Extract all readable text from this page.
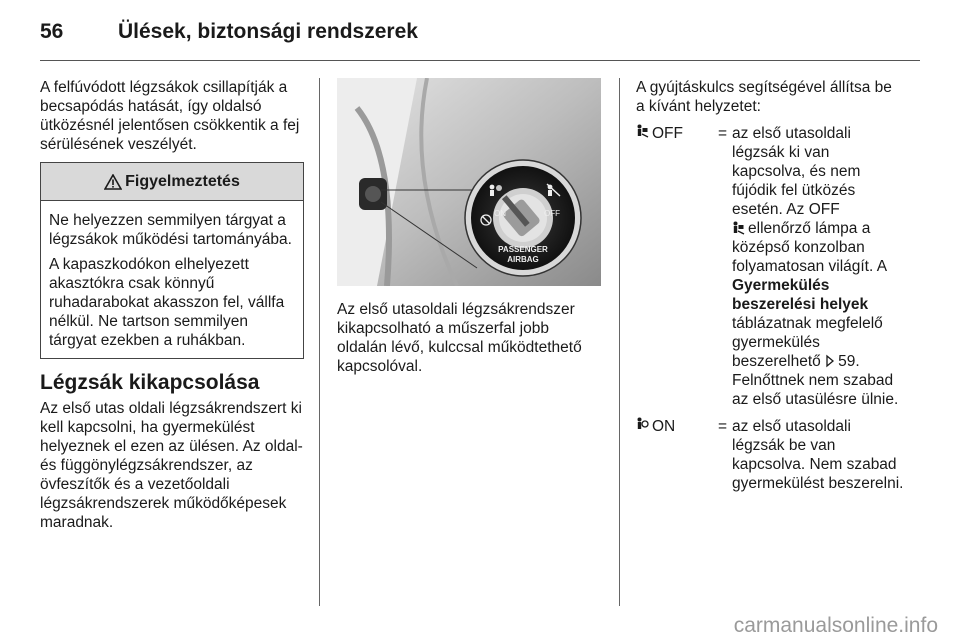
56	Ülések, biztonsági rendszerek

A felfúvódott légzsákok csillapítják a becsapódás hatását, így oldalsó ütközésnél jelentősen csökkentik a fej sérülésének veszélyét.

Figyelmeztetés

Ne helyezzen semmilyen tárgyat a légzsákok működési tartományába.

A kapaszkodókon elhelyezett akasztókra csak könnyű ruhadarabokat akasszon fel, vállfa nélkül. Ne tartson semmilyen tárgyat ezekben a ruhákban.

Légzsák kikapcsolása

Az első utas oldali légzsákrendszert ki kell kapcsolni, ha gyermekülést helyeznek el ezen az ülésen. Az oldal- és függönylégzsákrendszer, az övfeszítők és a vezetőoldali légzsákrendszerek működőképesek maradnak.

ON	OFF
PASSENGER
AIRBAG

Az első utasoldali légzsákrendszer kikapcsolható a műszerfal jobb oldalán lévő, kulccsal működtethető kapcsolóval.

A gyújtáskulcs segítségével állítsa be a kívánt helyzetet:

OFF = az első utasoldali légzsák ki van kapcsolva, és nem fújódik fel ütközés esetén. Az OFF
ellenőrző lámpa a középső konzolban folyamatosan világít. A Gyermekülés beszerelési helyek táblázatnak megfelelő gyermekülés beszerelhető 59.
Felnőttnek nem szabad az első utasülésre ülnie.
ON	= az első utasoldali légzsák be van kapcsolva. Nem szabad gyermekülést beszerelni.
carmanualsonline.info
